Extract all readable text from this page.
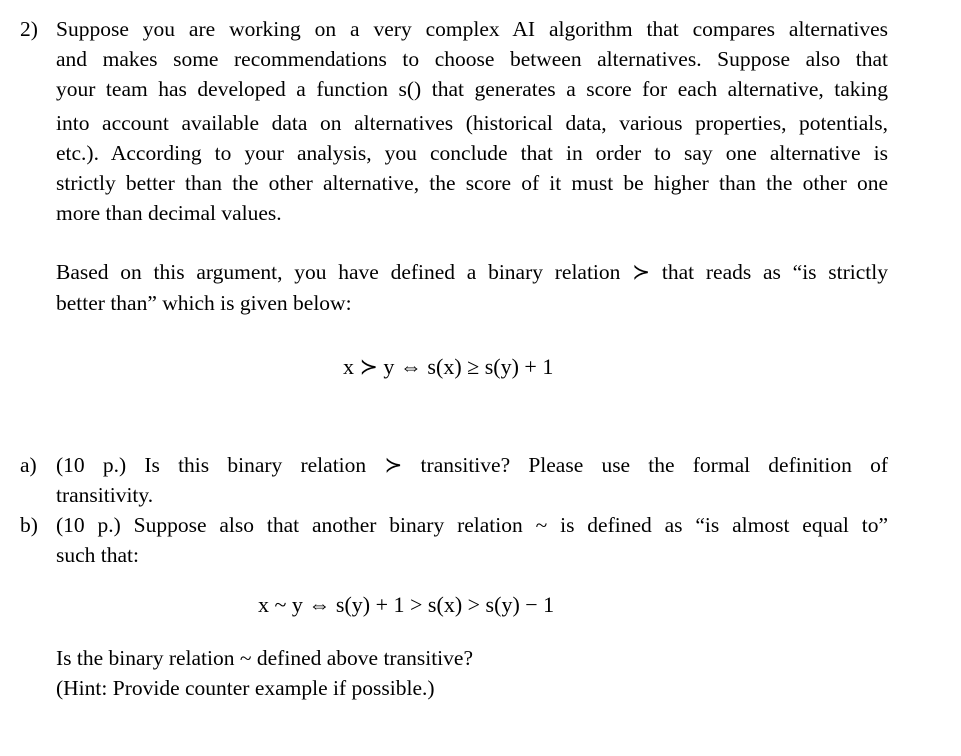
2) Suppose you are working on a very complex AI algorithm that compares alternatives
and makes some recommendations to choose between alternatives. Suppose also that
your team has developed a function s() that generates a score for each alternative, taking
into account available data on alternatives (historical data, various properties, potentials,
etc.). According to your analysis, you conclude that in order to say one alternative is
strictly better than the other alternative, the score of it must be higher than the other one
more than decimal values.
Based on this argument, you have defined a binary relation ≻ that reads as “is strictly
better than” which is given below:
x ≻ y ⇔ s(x) ≥ s(y) + 1
a) (10 p.) Is this binary relation ≻ transitive? Please use the formal definition of
transitivity.
b) (10 p.) Suppose also that another binary relation ~ is defined as “is almost equal to”
such that:
x ~ y ⇔ s(y) + 1 > s(x) > s(y) − 1
Is the binary relation ~ defined above transitive?
(Hint: Provide counter example if possible.)
